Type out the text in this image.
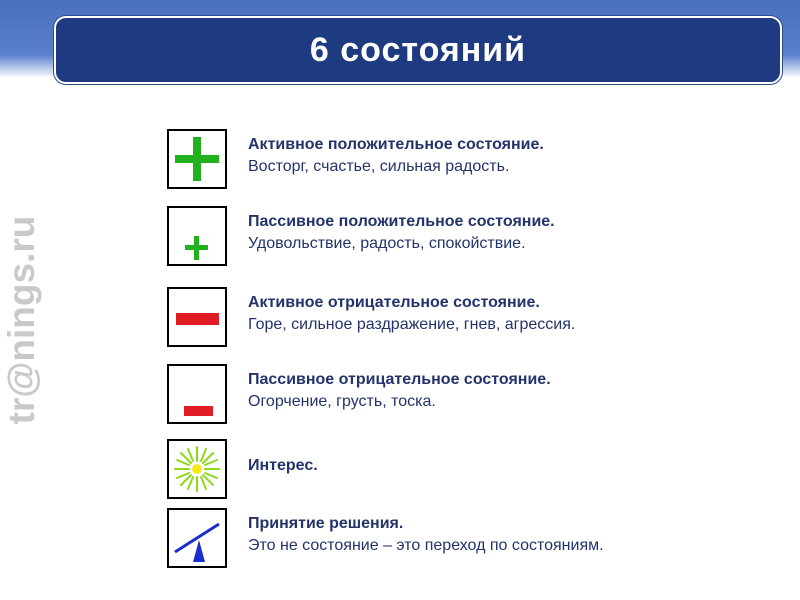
6 состояний
tr@nings.ru
Активное положительное состояние.
Восторг, счастье, сильная радость.
Пассивное положительное состояние.
Удовольствие, радость, спокойствие.
Активное отрицательное состояние.
Горе, сильное раздражение, гнев, агрессия.
Пассивное отрицательное состояние.
Огорчение, грусть, тоска.
Интерес.
Принятие решения.
Это не состояние – это переход по состояниям.
